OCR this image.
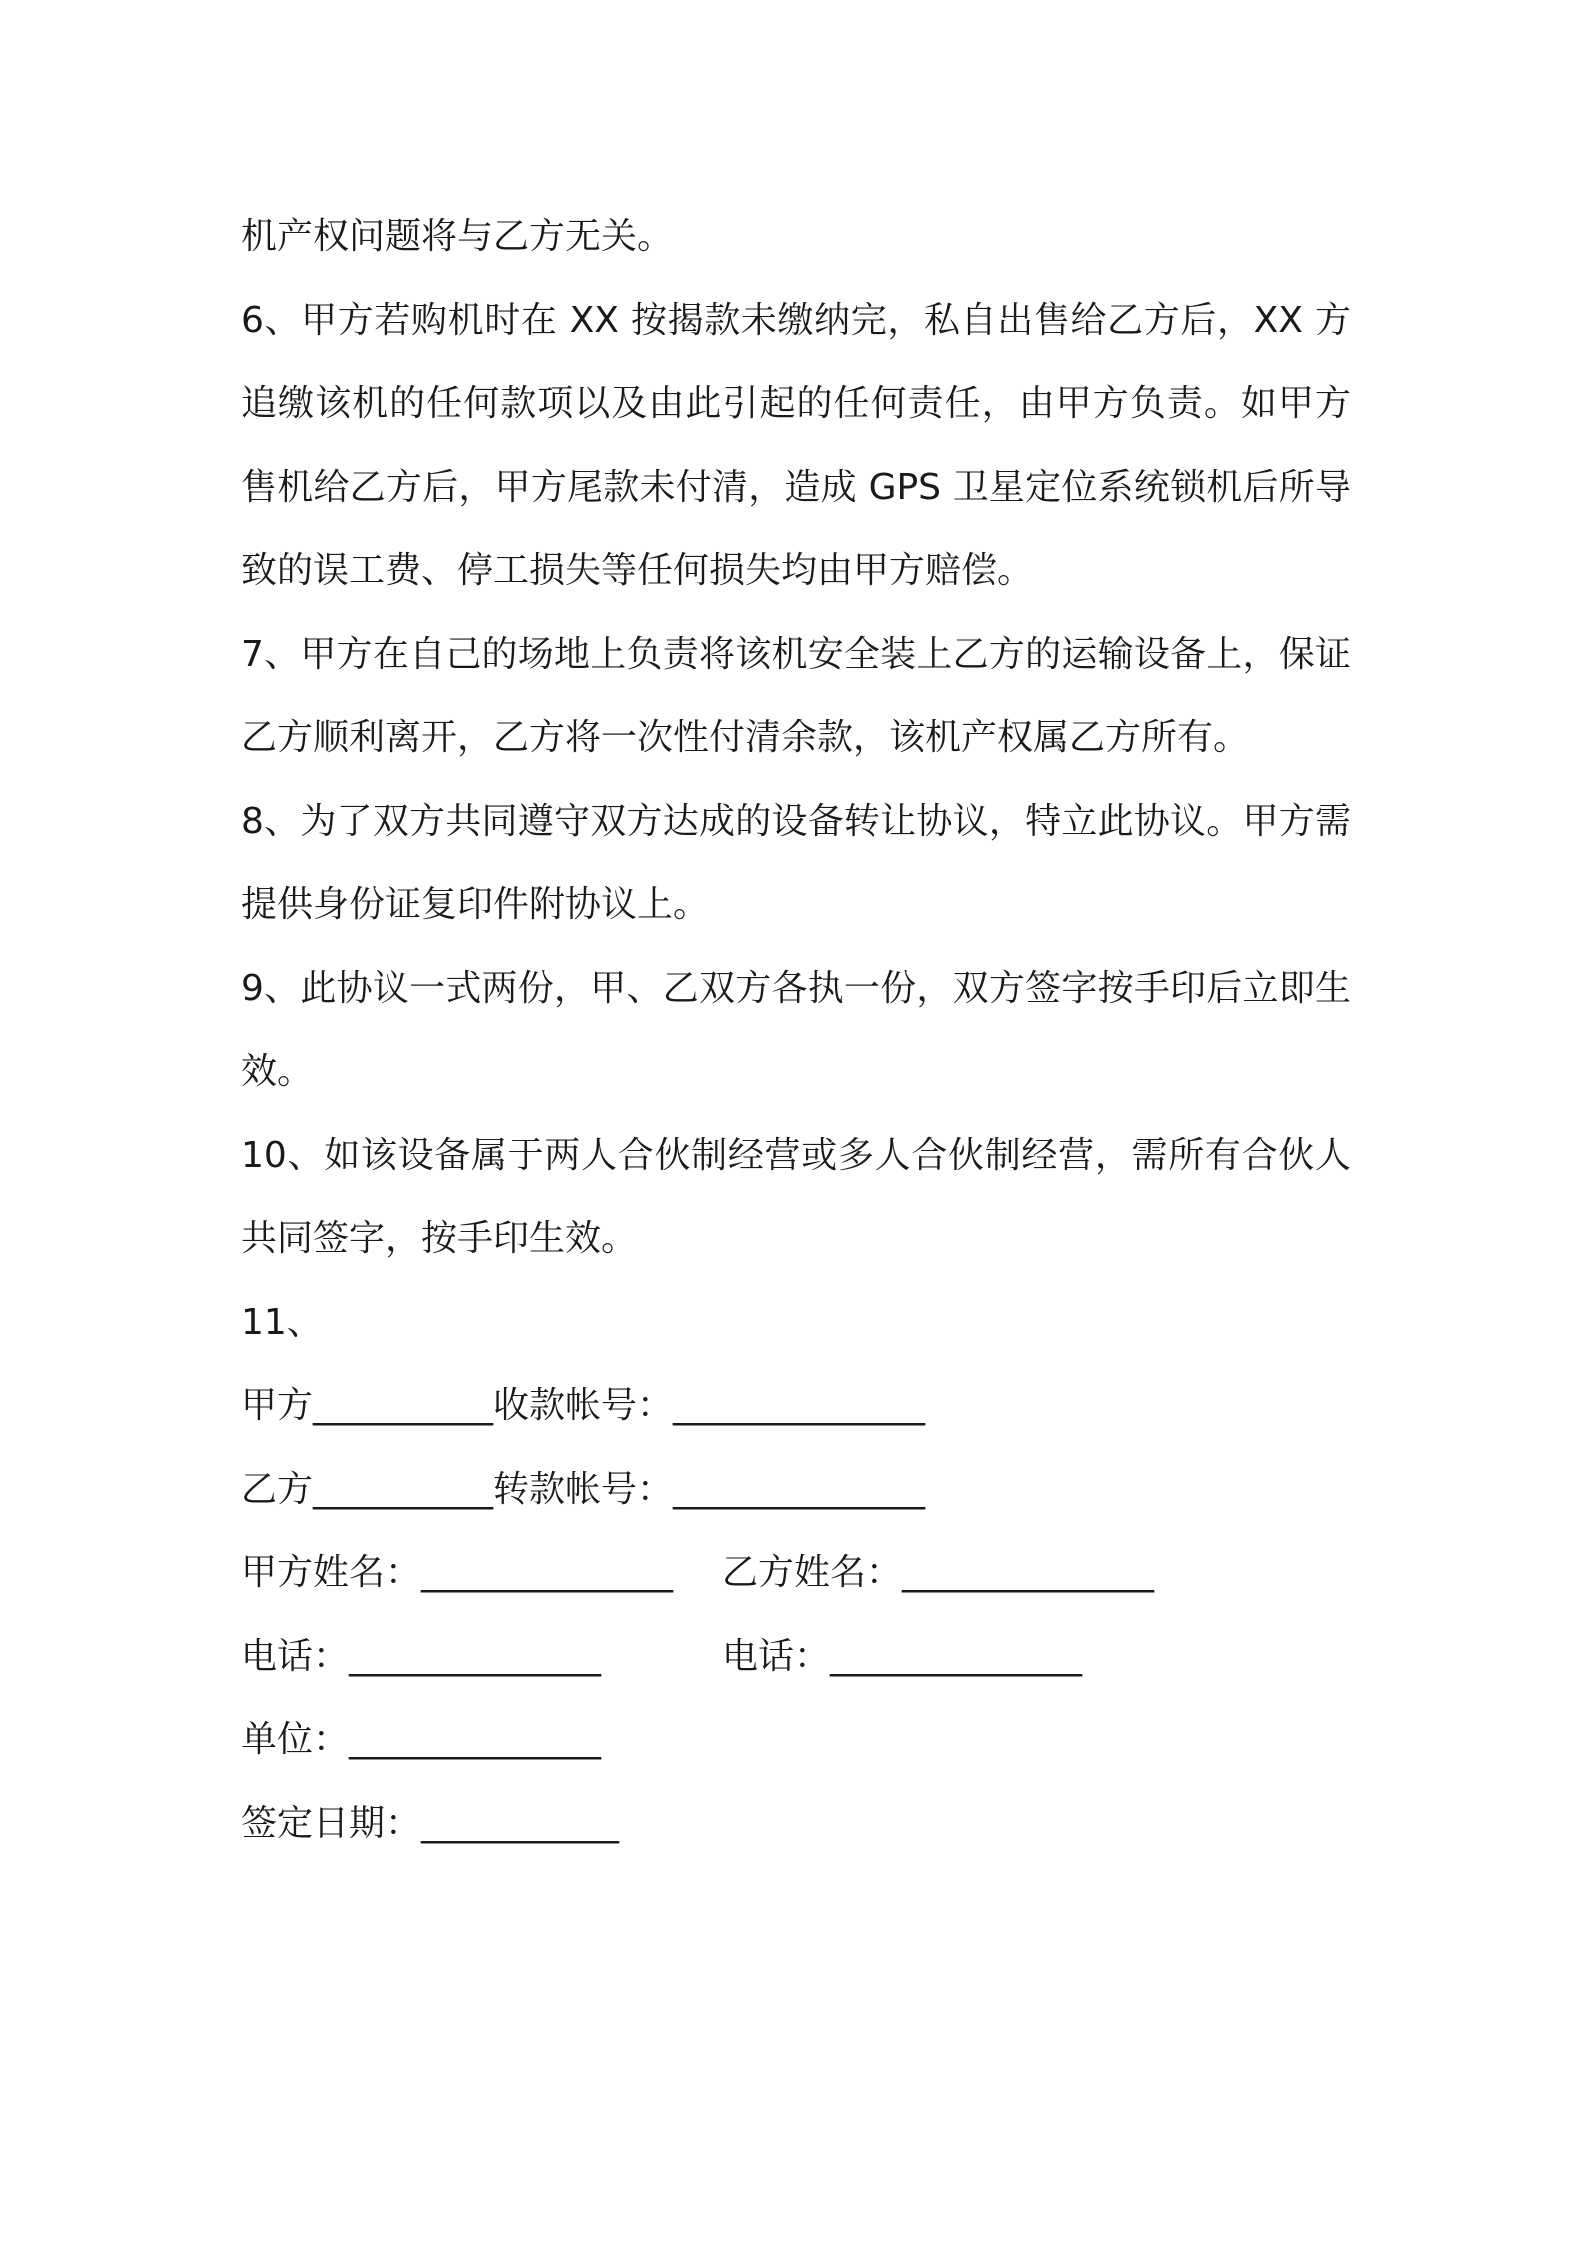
机产权问题将与乙方无关。

6、甲方若购机时在 XX 按揭款未缴纳完，私自出售给乙方后，XX 方追缴该机的任何款项以及由此引起的任何责任，由甲方负责。如甲方售机给乙方后，甲方尾款未付清，造成 GPS 卫星定位系统锁机后所导致的误工费、停工损失等任何损失均由甲方赔偿。

7、甲方在自己的场地上负责将该机安全装上乙方的运输设备上，保证乙方顺利离开，乙方将一次性付清余款，该机产权属乙方所有。

8、为了双方共同遵守双方达成的设备转让协议，特立此协议。甲方需提供身份证复印件附协议上。

9、此协议一式两份，甲、乙双方各执一份，双方签字按手印后立即生效。

10、如该设备属于两人合伙制经营或多人合伙制经营，需所有合伙人共同签字，按手印生效。

11、

甲方__________收款帐号：______________
乙方__________转款帐号：______________
甲方姓名：______________ 乙方姓名：______________
电话：______________	电话：______________
单位：______________
签定日期：___________
